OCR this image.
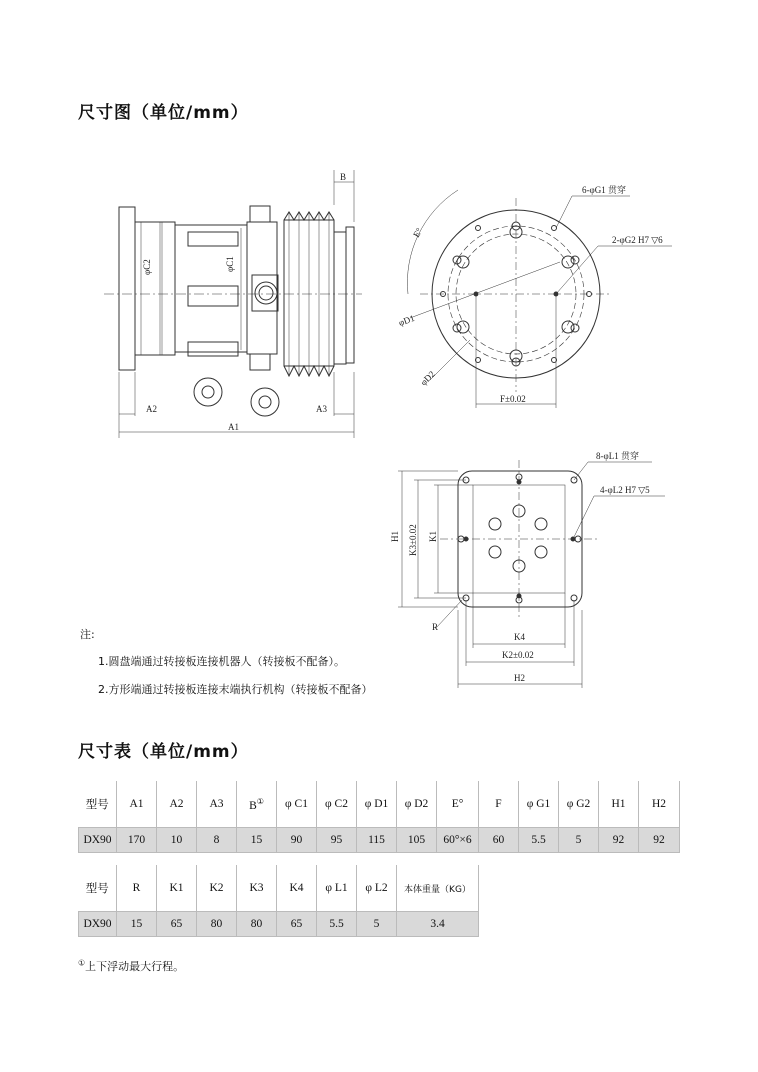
尺寸图（单位/mm）
B
φC2	φC1
A2	A3
A1
6-φG1 贯穿
2-φG2 H7 ▽6
E°
φD1
φD2
F±0.02
8-φL1 贯穿
4-φL2 H7 ▽5
H1 K3±0.02 K1
R
K4
K2±0.02
H2
注:
1.圆盘端通过转接板连接机器人（转接板不配备）。
2.方形端通过转接板连接末端执行机构（转接板不配备）
尺寸表（单位/mm）
型号	A1	A2	A3	B①	φ C1	φ C2	φ D1	φ D2	E°	F	φ G1	φ G2	H1	H2
DX90	170	10	8	15	90	95	115	105	60°×6	60	5.5	5	92	92
型号	R	K1	K2	K3	K4	φ L1	φ L2	本体重量（KG）
DX90	15	65	80	80	65	5.5	5	3.4
①上下浮动最大行程。
